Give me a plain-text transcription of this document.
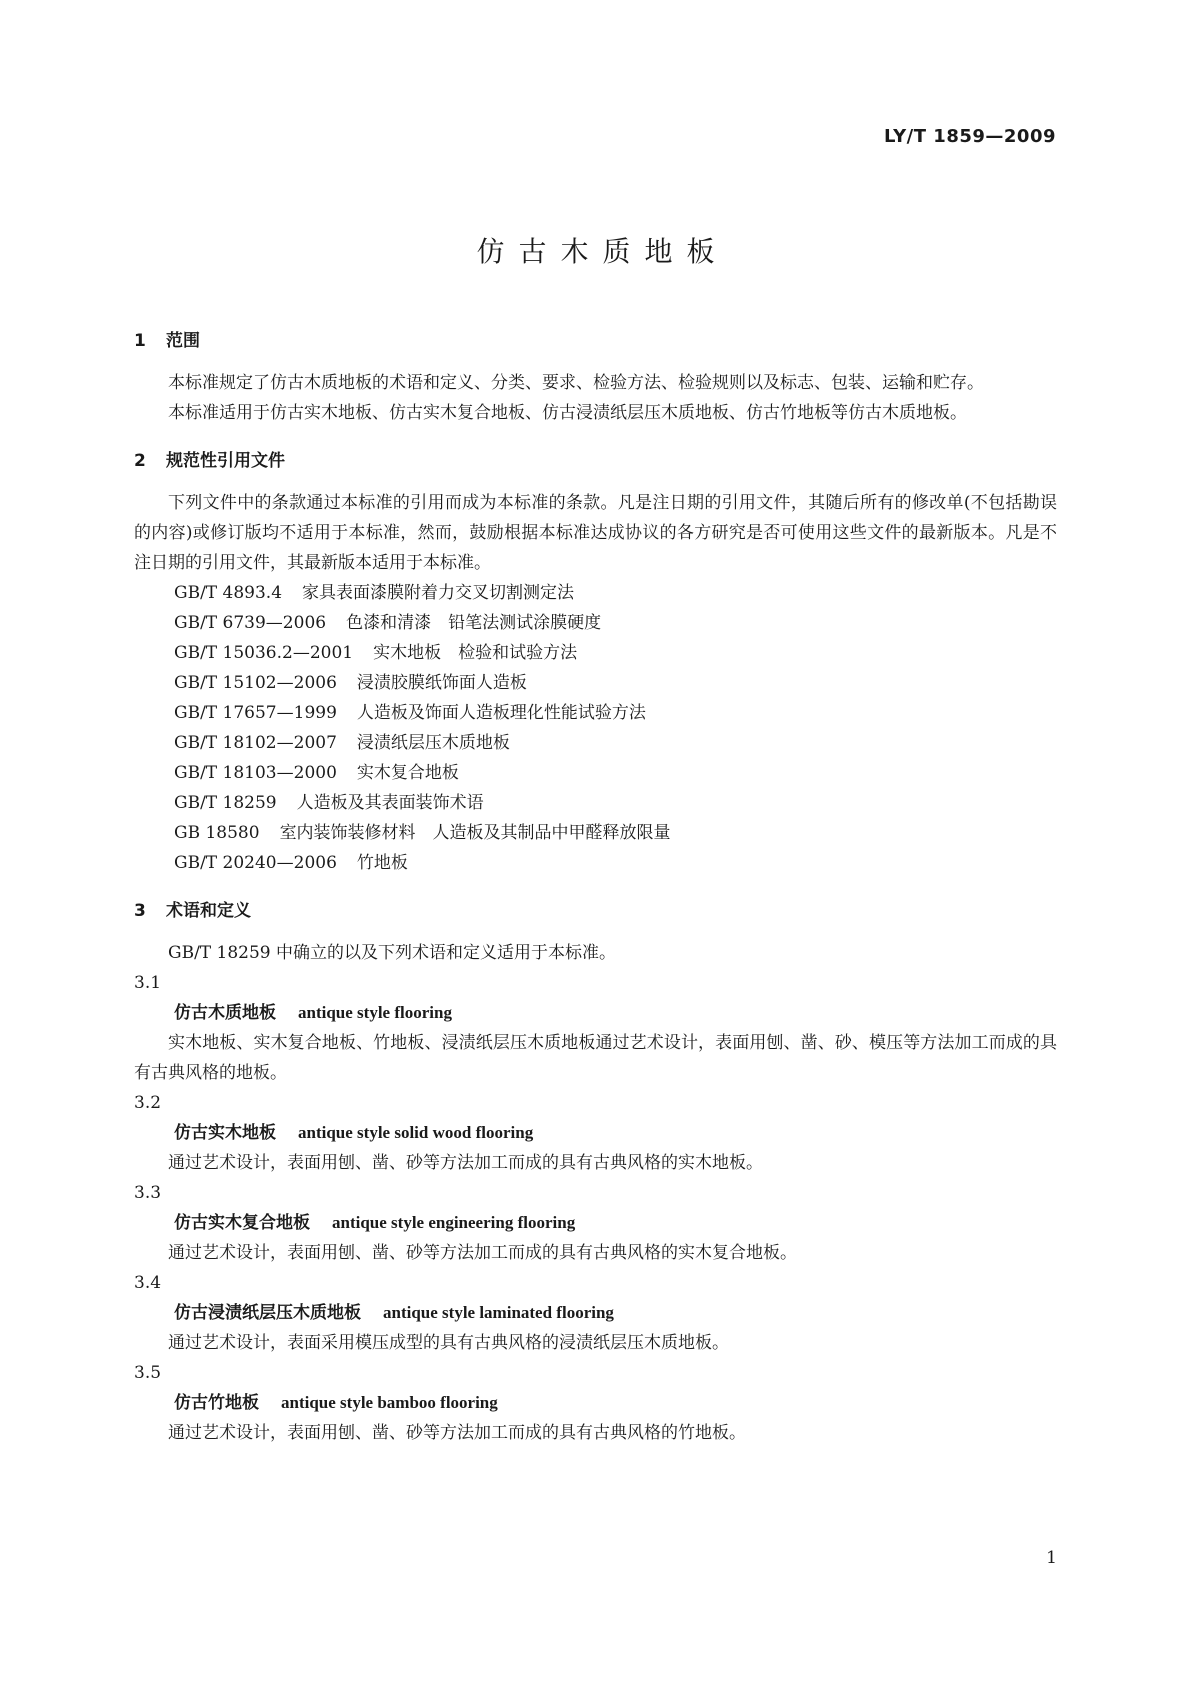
LY/T 1859—2009
仿古木质地板
1 范围

本标准规定了仿古木质地板的术语和定义、分类、要求、检验方法、检验规则以及标志、包装、运输和贮存。

本标准适用于仿古实木地板、仿古实木复合地板、仿古浸渍纸层压木质地板、仿古竹地板等仿古木质地板。

2 规范性引用文件

下列文件中的条款通过本标准的引用而成为本标准的条款。凡是注日期的引用文件，其随后所有的修改单(不包括勘误的内容)或修订版均不适用于本标准，然而，鼓励根据本标准达成协议的各方研究是否可使用这些文件的最新版本。凡是不注日期的引用文件，其最新版本适用于本标准。

GB/T 4893.4 家具表面漆膜附着力交叉切割测定法
GB/T 6739—2006 色漆和清漆　铅笔法测试涂膜硬度
GB/T 15036.2—2001 实木地板　检验和试验方法
GB/T 15102—2006 浸渍胶膜纸饰面人造板
GB/T 17657—1999 人造板及饰面人造板理化性能试验方法
GB/T 18102—2007 浸渍纸层压木质地板
GB/T 18103—2000 实木复合地板
GB/T 18259 人造板及其表面装饰术语
GB 18580 室内装饰装修材料　人造板及其制品中甲醛释放限量
GB/T 20240—2006 竹地板
3 术语和定义

GB/T 18259 中确立的以及下列术语和定义适用于本标准。

3.1
仿古木质地板 antique style flooring

实木地板、实木复合地板、竹地板、浸渍纸层压木质地板通过艺术设计，表面用刨、凿、砂、模压等方法加工而成的具有古典风格的地板。

3.2
仿古实木地板 antique style solid wood flooring

通过艺术设计，表面用刨、凿、砂等方法加工而成的具有古典风格的实木地板。

3.3
仿古实木复合地板 antique style engineering flooring

通过艺术设计，表面用刨、凿、砂等方法加工而成的具有古典风格的实木复合地板。

3.4
仿古浸渍纸层压木质地板 antique style laminated flooring

通过艺术设计，表面采用模压成型的具有古典风格的浸渍纸层压木质地板。

3.5
仿古竹地板 antique style bamboo flooring

通过艺术设计，表面用刨、凿、砂等方法加工而成的具有古典风格的竹地板。

1
